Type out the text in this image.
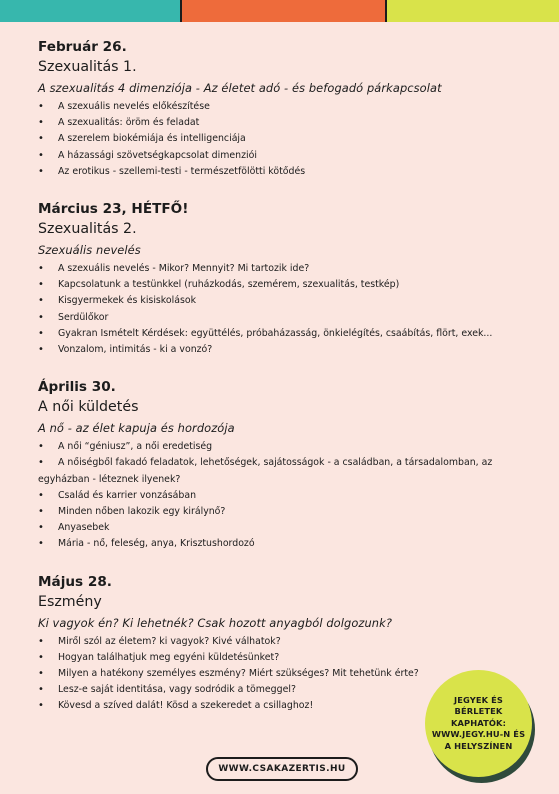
Február 26.
Szexualitás 1.
A szexualitás 4 dimenziója - Az életet adó - és befogadó párkapcsolat
• A szexuális nevelés előkészítése
• A szexualitás: öröm és feladat
• A szerelem biokémiája és intelligenciája
• A házassági szövetségkapcsolat dimenziói
• Az erotikus - szellemi-testi - természetfölötti kötődés
Március 23, HÉTFŐ!
Szexualitás 2.
Szexuális nevelés
• A szexuális nevelés - Mikor? Mennyit? Mi tartozik ide?
• Kapcsolatunk a testünkkel (ruházkodás, szemérem, szexualitás, testkép)
• Kisgyermekek és kisiskolások
• Serdülőkor
• Gyakran Ismételt Kérdések: együttélés, próbaházasság, önkielégítés, csaábítás, flört, exek...
• Vonzalom, intimitás - ki a vonzó?
Április 30.
A női küldetés
A nő - az élet kapuja és hordozója
• A női “géniusz”, a női eredetiség
• A nőiségből fakadó feladatok, lehetőségek, sajátosságok - a családban, a társadalomban, az egyházban - léteznek ilyenek?
• Család és karrier vonzásában
• Minden nőben lakozik egy királynő?
• Anyasebek
• Mária - nő, feleség, anya, Krisztushordozó
Május 28.
Eszmény
Ki vagyok én? Ki lehetnék? Csak hozott anyagból dolgozunk?
• Miről szól az életem? ki vagyok? Kivé válhatok?
• Hogyan találhatjuk meg egyéni küldetésünket?
• Milyen a hatékony személyes eszmény? Miért szükséges? Mit tehetünk érte?
• Lesz-e saját identitása, vagy sodródik a tömeggel?
• Kövesd a szíved dalát! Kösd a szekeredet a csillaghoz!
JEGYEK ÉS BÉRLETEK KAPHATÓK: WWW.JEGY.HU-N ÉS A HELYSZÍNEN
WWW.CSAKAZERTIS.HU
